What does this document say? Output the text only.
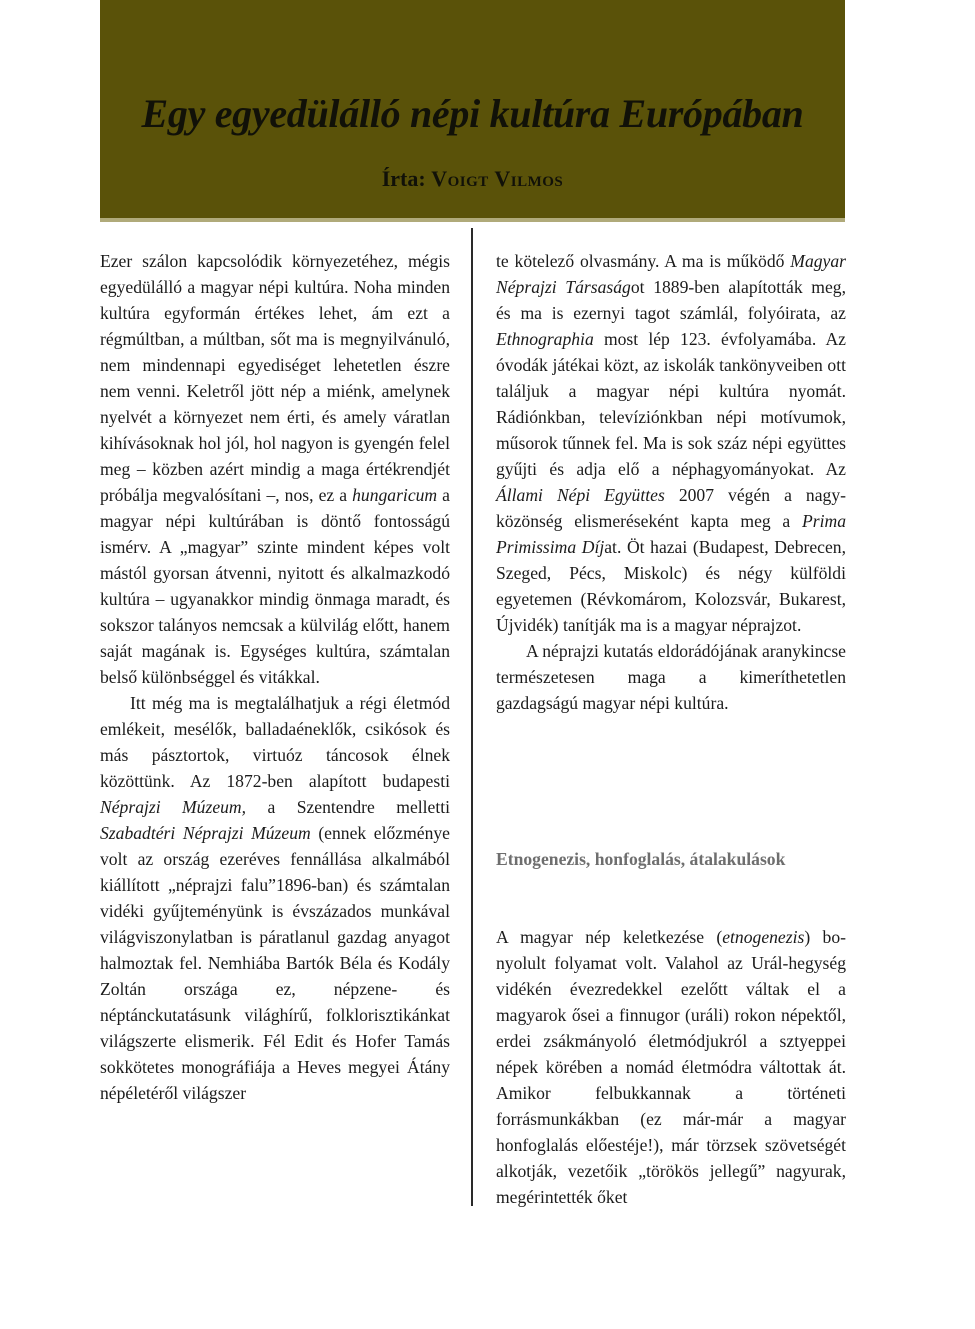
Egy egyedülálló népi kultúra Európában
Írta: Voigt Vilmos

Ezer szálon kapcsolódik környezetéhez, mégis egyedülálló a magyar népi kultúra. Noha minden kultúra egyformán értékes lehet, ám ezt a régmúltban, a múltban, sőt ma is megnyilvánuló, nem mindennapi egyediséget lehetetlen észre nem venni. Keletről jött nép a miénk, amelynek nyelvét a környezet nem érti, és amely váratlan kihívásoknak hol jól, hol nagyon is gyengén felel meg – közben azért mindig a maga értékrendjét próbálja megvalósítani –, nos, ez a hungaricum a magyar népi kultúrában is döntő fontosságú ismérv. A „magyar” szinte mindent képes volt mástól gyorsan átvenni, nyitott és alkalmazkodó kultúra – ugyanakkor mindig önmaga maradt, és sokszor talányos nemcsak a külvilág előtt, hanem saját magának is. Egységes kultúra, számtalan belső különbséggel és vitákkal.

Itt még ma is megtalálhatjuk a régi életmód emlékeit, mesélők, balladaéneklők, csikósok és más pásztortok, virtuóz táncosok élnek közöttünk. Az 1872-ben alapított budapesti Néprajzi Múzeum, a Szentendre melletti Szabadtéri Néprajzi Múzeum (ennek előzménye volt az ország ezeréves fennállása alkalmából kiállított „néprajzi falu”1896-ban) és számtalan vidéki gyűjteményünk is évszázados munkával világviszonylatban is páratlanul gazdag anyagot halmoztak fel. Nemhiába Bartók Béla és Kodály Zoltán országa ez, népzene- és néptánckutatásunk világhírű, folklorisztikánkat világszerte elismerik. Fél Edit és Hofer Tamás sokkötetes monográfiája a Heves megyei Átány népéletéről világszer

te kötelező olvasmány. A ma is működő Magyar Néprajzi Társaságot 1889-ben alapították meg, és ma is ezernyi tagot számlál, folyóirata, az Ethnographia most lép 123. évfolyamába. Az óvodák játékai közt, az iskolák tankönyveiben ott találjuk a magyar népi kultúra nyomát. Rádiónkban, televíziónkban népi motívumok, műsorok tűnnek fel. Ma is sok száz népi együttes gyűjti és adja elő a néphagyományokat. Az Állami Népi Együttes 2007 végén a nagyközönség elismeréseként kapta meg a Prima Primissima Díjat. Öt hazai (Budapest, Debrecen, Szeged, Pécs, Miskolc) és négy külföldi egyetemen (Révkomárom, Kolozsvár, Bukarest, Újvidék) tanítják ma is a magyar néprajzot.

A néprajzi kutatás eldorádójának aranykincse természetesen maga a kimeríthetetlen gazdagságú magyar népi kultúra.

Etnogenezis, honfoglalás, átalakulások

A magyar nép keletkezése (etnogenezis) bonyolult folyamat volt. Valahol az Urál-hegység vidékén évezredekkel ezelőtt váltak el a magyarok ősei a finnugor (uráli) rokon népektől, erdei zsákmányoló életmódjukról a sztyeppei népek körében a nomád életmódra váltottak át. Amikor felbukkannak a történeti forrásmunkákban (ez már-már a magyar honfoglalás előestéje!), már törzsek szövetségét alkotják, vezetőik „törökös jellegű” nagyurak, megérintették őket
